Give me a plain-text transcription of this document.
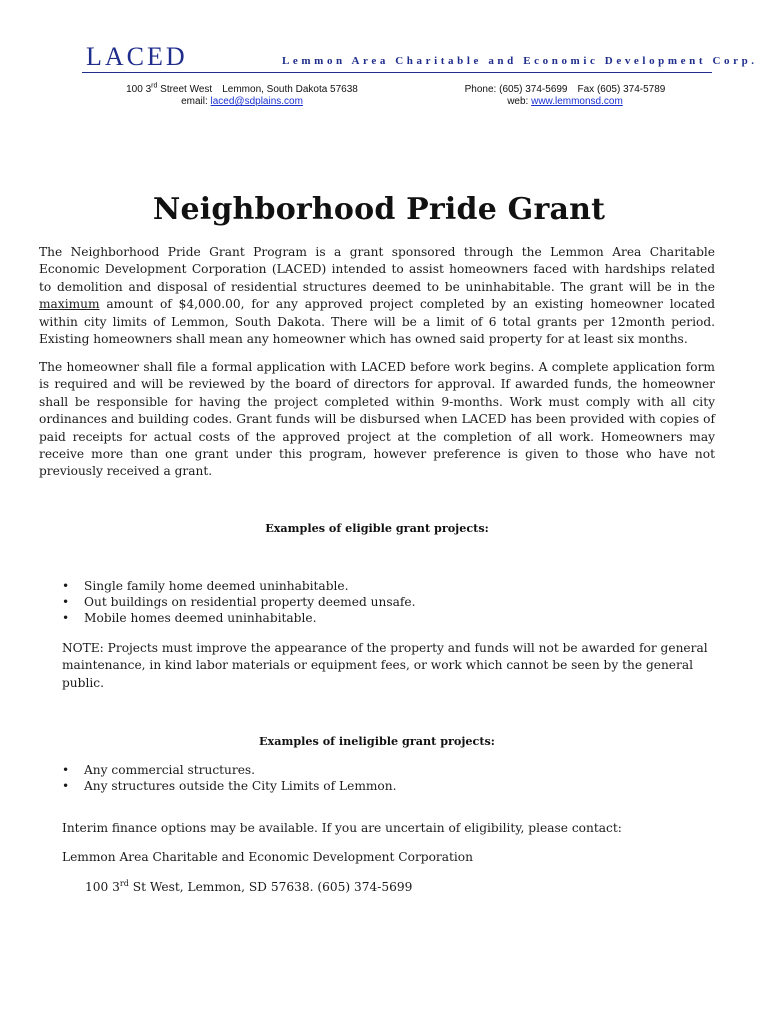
LACED	Lemmon Area Charitable and Economic Development Corp.
100 3rd Street West Lemmon, South Dakota 57638
email: laced@sdplains.com
Phone: (605) 374-5699 Fax (605) 374-5789
web: www.lemmonsd.com
Neighborhood Pride Grant
The Neighborhood Pride Grant Program is a grant sponsored through the Lemmon Area Charitable Economic Development Corporation (LACED) intended to assist homeowners faced with hardships related to demolition and disposal of residential structures deemed to be uninhabitable. The grant will be in the maximum amount of $4,000.00, for any approved project completed by an existing homeowner located within city limits of Lemmon, South Dakota. There will be a limit of 6 total grants per 12month period. Existing homeowners shall mean any homeowner which has owned said property for at least six months.
The homeowner shall file a formal application with LACED before work begins. A complete application form is required and will be reviewed by the board of directors for approval. If awarded funds, the homeowner shall be responsible for having the project completed within 9-months. Work must comply with all city ordinances and building codes. Grant funds will be disbursed when LACED has been provided with copies of paid receipts for actual costs of the approved project at the completion of all work. Homeowners may receive more than one grant under this program, however preference is given to those who have not previously received a grant.
Examples of eligible grant projects:
• Single family home deemed uninhabitable.
• Out buildings on residential property deemed unsafe.
• Mobile homes deemed uninhabitable.
NOTE: Projects must improve the appearance of the property and funds will not be awarded for general maintenance, in kind labor materials or equipment fees, or work which cannot be seen by the general public.
Examples of ineligible grant projects:
• Any commercial structures.
• Any structures outside the City Limits of Lemmon.
Interim finance options may be available. If you are uncertain of eligibility, please contact:
Lemmon Area Charitable and Economic Development Corporation
100 3rd St West, Lemmon, SD 57638. (605) 374-5699
